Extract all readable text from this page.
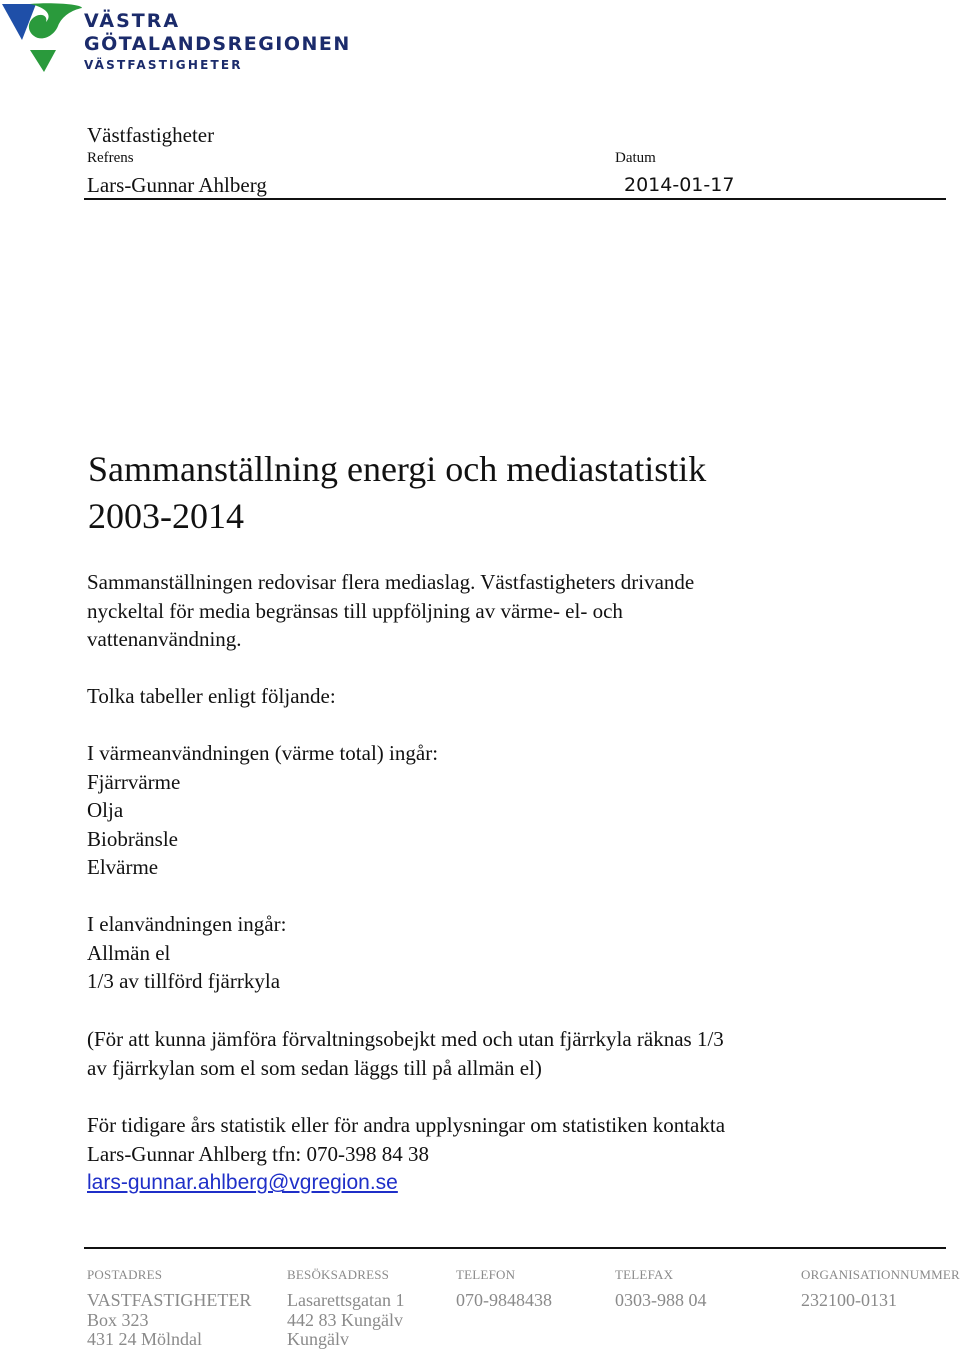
VÄSTRA
GÖTALANDSREGIONEN
VÄSTFASTIGHETER
Västfastigheter
Refrens	Datum
Lars-Gunnar Ahlberg	2014-01-17
Sammanställning energi och mediastatistik
2003-2014
Sammanställningen redovisar flera mediaslag. Västfastigheters drivande
nyckeltal för media begränsas till uppföljning av värme- el- och
vattenanvändning.
Tolka tabeller enligt följande:
I värmeanvändningen (värme total) ingår:
Fjärrvärme
Olja
Biobränsle
Elvärme
I elanvändningen ingår:
Allmän el
1/3 av tillförd fjärrkyla
(För att kunna jämföra förvaltningsobejkt med och utan fjärrkyla räknas 1/3
av fjärrkylan som el som sedan läggs till på allmän el)
För tidigare års statistik eller för andra upplysningar om statistiken kontakta
Lars-Gunnar Ahlberg tfn: 070-398 84 38
lars-gunnar.ahlberg@vgregion.se
POSTADRES
VASTFASTIGHETER
Box 323
431 24 Mölndal
BESÖKSADRESS
Lasarettsgatan 1
442 83 Kungälv
Kungälv
TELEFON
070-9848438
TELEFAX
0303-988 04
ORGANISATIONNUMMER
232100-0131
